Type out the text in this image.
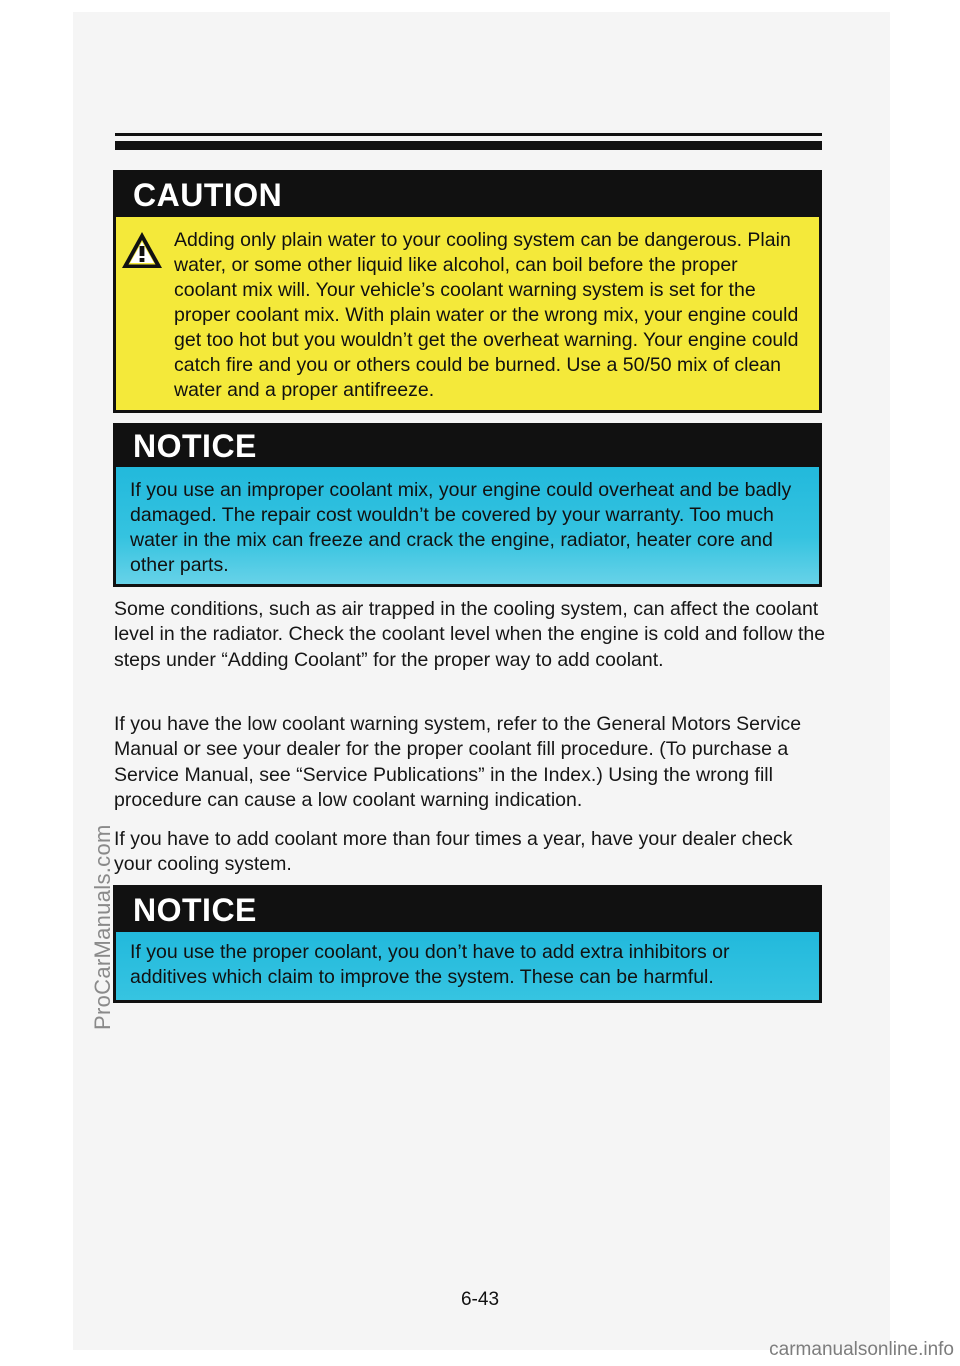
CAUTION
Adding only plain water to your cooling system can be dangerous. Plain water, or some other liquid like alcohol, can boil before the proper coolant mix will. Your vehicle’s coolant warning system is set for the proper coolant mix. With plain water or the wrong mix, your engine could get too hot but you wouldn’t get the overheat warning. Your engine could catch fire and you or others could be burned. Use a 50/50 mix of clean water and a proper antifreeze.
NOTICE
If you use an improper coolant mix, your engine could overheat and be badly damaged. The repair cost wouldn’t be covered by your warranty. Too much water in the mix can freeze and crack the engine, radiator, heater core and other parts.

Some conditions, such as air trapped in the cooling system, can affect the coolant level in the radiator. Check the coolant level when the engine is cold and follow the steps under “Adding Coolant” for the proper way to add coolant.

If you have the low coolant warning system, refer to the General Motors Service Manual or see your dealer for the proper coolant fill procedure. (To purchase a Service Manual, see “Service Publications” in the Index.) Using the wrong fill procedure can cause a low coolant warning indication.

If you have to add coolant more than four times a year, have your dealer check your cooling system.

NOTICE
If you use the proper coolant, you don’t have to add extra inhibitors or additives which claim to improve the system. These can be harmful.
6-43
ProCarManuals.com
carmanualsonline.info
